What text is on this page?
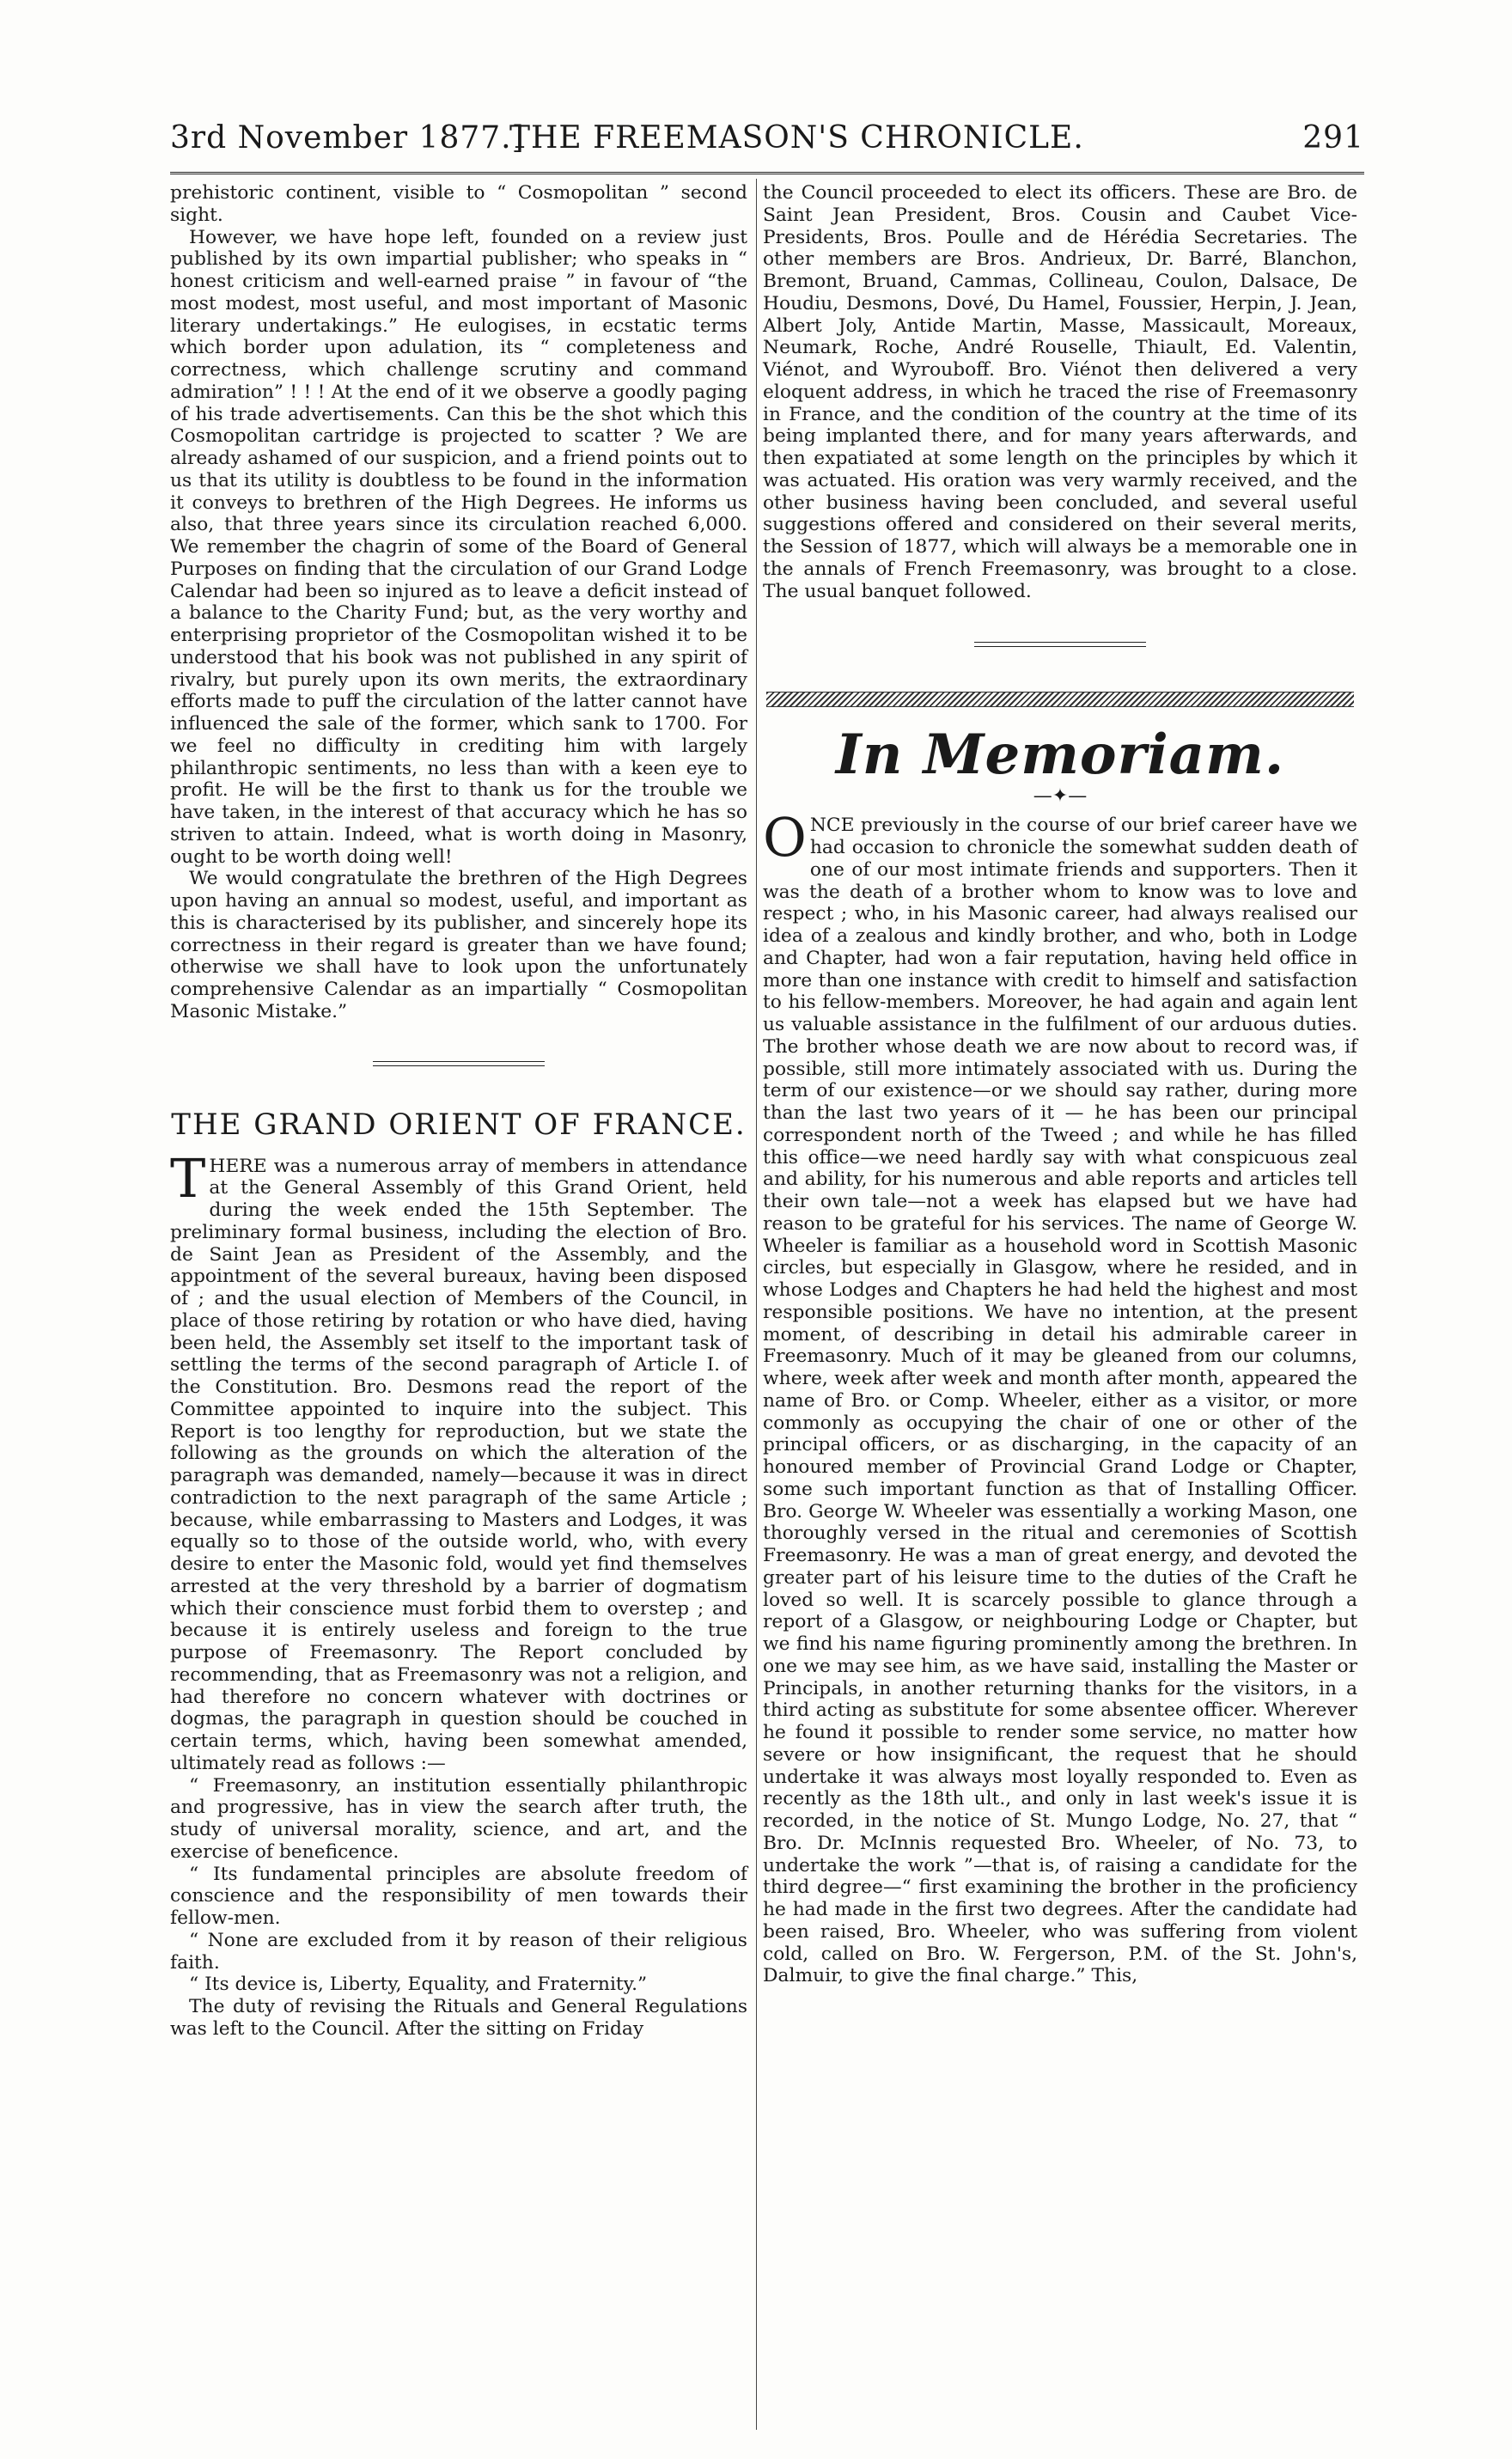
3rd November 1877.]
THE FREEMASON'S CHRONICLE.	291

prehistoric continent, visible to “ Cosmopolitan ” second sight.

However, we have hope left, founded on a review just published by its own impartial publisher; who speaks in “ honest criticism and well-earned praise ” in favour of “the most modest, most useful, and most important of Masonic literary undertakings.” He eulogises, in ecstatic terms which border upon adulation, its “ completeness and correctness, which challenge scrutiny and command admiration” ! ! ! At the end of it we observe a goodly paging of his trade advertisements. Can this be the shot which this Cosmopolitan cartridge is projected to scatter ? We are already ashamed of our suspicion, and a friend points out to us that its utility is doubtless to be found in the information it conveys to brethren of the High Degrees. He informs us also, that three years since its circulation reached 6,000. We remember the chagrin of some of the Board of General Purposes on finding that the circulation of our Grand Lodge Calendar had been so injured as to leave a deficit instead of a balance to the Charity Fund; but, as the very worthy and enterprising proprietor of the Cosmopolitan wished it to be understood that his book was not published in any spirit of rivalry, but purely upon its own merits, the extraordinary efforts made to puff the circulation of the latter cannot have influenced the sale of the former, which sank to 1700. For we feel no difficulty in crediting him with largely philanthropic sentiments, no less than with a keen eye to profit. He will be the first to thank us for the trouble we have taken, in the interest of that accuracy which he has so striven to attain. Indeed, what is worth doing in Masonry, ought to be worth doing well!

We would congratulate the brethren of the High Degrees upon having an annual so modest, useful, and important as this is characterised by its publisher, and sincerely hope its correctness in their regard is greater than we have found; otherwise we shall have to look upon the unfortunately comprehensive Calendar as an impartially “ Cosmopolitan Masonic Mistake.”

THE GRAND ORIENT OF FRANCE.

THERE was a numerous array of members in attendance at the General Assembly of this Grand Orient, held during the week ended the 15th September. The preliminary formal business, including the election of Bro. de Saint Jean as President of the Assembly, and the appointment of the several bureaux, having been disposed of ; and the usual election of Members of the Council, in place of those retiring by rotation or who have died, having been held, the Assembly set itself to the important task of settling the terms of the second paragraph of Article I. of the Constitution. Bro. Desmons read the report of the Committee appointed to inquire into the subject. This Report is too lengthy for reproduction, but we state the following as the grounds on which the alteration of the paragraph was demanded, namely—because it was in direct contradiction to the next paragraph of the same Article ; because, while embarrassing to Masters and Lodges, it was equally so to those of the outside world, who, with every desire to enter the Masonic fold, would yet find themselves arrested at the very threshold by a barrier of dogmatism which their conscience must forbid them to overstep ; and because it is entirely useless and foreign to the true purpose of Freemasonry. The Report concluded by recommending, that as Freemasonry was not a religion, and had therefore no concern whatever with doctrines or dogmas, the paragraph in question should be couched in certain terms, which, having been somewhat amended, ultimately read as follows :—

“ Freemasonry, an institution essentially philanthropic and progressive, has in view the search after truth, the study of universal morality, science, and art, and the exercise of beneficence.

“ Its fundamental principles are absolute freedom of conscience and the responsibility of men towards their fellow-men.

“ None are excluded from it by reason of their religious faith.

“ Its device is, Liberty, Equality, and Fraternity.”

The duty of revising the Rituals and General Regulations was left to the Council. After the sitting on Friday

the Council proceeded to elect its officers. These are Bro. de Saint Jean President, Bros. Cousin and Caubet Vice-Presidents, Bros. Poulle and de Hérédia Secretaries. The other members are Bros. Andrieux, Dr. Barré, Blanchon, Bremont, Bruand, Cammas, Collineau, Coulon, Dalsace, De Houdiu, Desmons, Dové, Du Hamel, Foussier, Herpin, J. Jean, Albert Joly, Antide Martin, Masse, Massicault, Moreaux, Neumark, Roche, André Rouselle, Thiault, Ed. Valentin, Viénot, and Wyrouboff. Bro. Viénot then delivered a very eloquent address, in which he traced the rise of Freemasonry in France, and the condition of the country at the time of its being implanted there, and for many years afterwards, and then expatiated at some length on the principles by which it was actuated. His oration was very warmly received, and the other business having been concluded, and several useful suggestions offered and considered on their several merits, the Session of 1877, which will always be a memorable one in the annals of French Freemasonry, was brought to a close. The usual banquet followed.

In Memoriam.

—✦—

ONCE previously in the course of our brief career have we had occasion to chronicle the somewhat sudden death of one of our most intimate friends and supporters. Then it was the death of a brother whom to know was to love and respect ; who, in his Masonic career, had always realised our idea of a zealous and kindly brother, and who, both in Lodge and Chapter, had won a fair reputation, having held office in more than one instance with credit to himself and satisfaction to his fellow-members. Moreover, he had again and again lent us valuable assistance in the fulfilment of our arduous duties. The brother whose death we are now about to record was, if possible, still more intimately associated with us. During the term of our existence—or we should say rather, during more than the last two years of it — he has been our principal correspondent north of the Tweed ; and while he has filled this office—we need hardly say with what conspicuous zeal and ability, for his numerous and able reports and articles tell their own tale—not a week has elapsed but we have had reason to be grateful for his services. The name of George W. Wheeler is familiar as a household word in Scottish Masonic circles, but especially in Glasgow, where he resided, and in whose Lodges and Chapters he had held the highest and most responsible positions. We have no intention, at the present moment, of describing in detail his admirable career in Freemasonry. Much of it may be gleaned from our columns, where, week after week and month after month, appeared the name of Bro. or Comp. Wheeler, either as a visitor, or more commonly as occupying the chair of one or other of the principal officers, or as discharging, in the capacity of an honoured member of Provincial Grand Lodge or Chapter, some such important function as that of Installing Officer. Bro. George W. Wheeler was essentially a working Mason, one thoroughly versed in the ritual and ceremonies of Scottish Freemasonry. He was a man of great energy, and devoted the greater part of his leisure time to the duties of the Craft he loved so well. It is scarcely possible to glance through a report of a Glasgow, or neighbouring Lodge or Chapter, but we find his name figuring prominently among the brethren. In one we may see him, as we have said, installing the Master or Principals, in another returning thanks for the visitors, in a third acting as substitute for some absentee officer. Wherever he found it possible to render some service, no matter how severe or how insignificant, the request that he should undertake it was always most loyally responded to. Even as recently as the 18th ult., and only in last week's issue it is recorded, in the notice of St. Mungo Lodge, No. 27, that “ Bro. Dr. McInnis requested Bro. Wheeler, of No. 73, to undertake the work ”—that is, of raising a candidate for the third degree—“ first examining the brother in the proficiency he had made in the first two degrees. After the candidate had been raised, Bro. Wheeler, who was suffering from violent cold, called on Bro. W. Fergerson, P.M. of the St. John's, Dalmuir, to give the final charge.” This,
